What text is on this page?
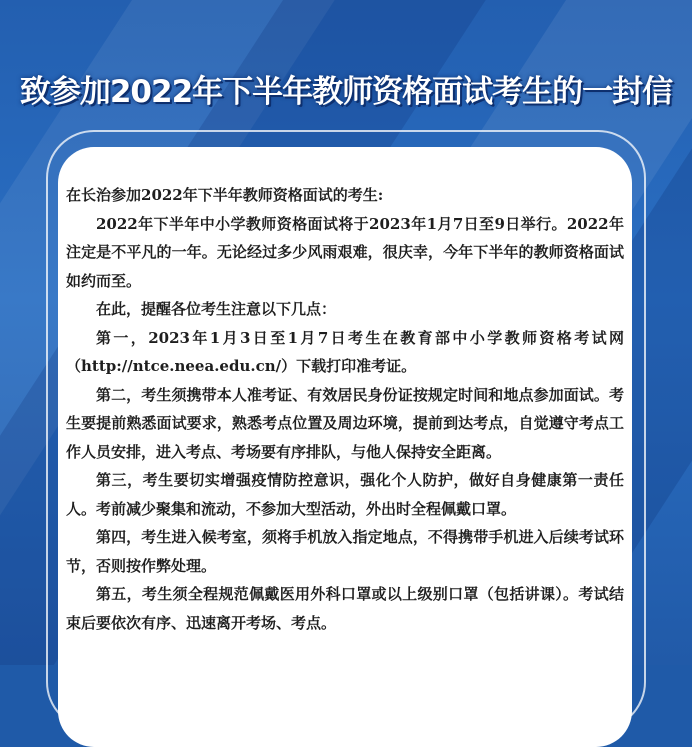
致参加2022年下半年教师资格面试考生的一封信

在长治参加2022年下半年教师资格面试的考生:

2022年下半年中小学教师资格面试将于2023年1月7日至9日举行。2022年注定是不平凡的一年。无论经过多少风雨艰难，很庆幸，今年下半年的教师资格面试如约而至。

在此，提醒各位考生注意以下几点：

第一，2023年1月3日至1月7日考生在教育部中小学教师资格考试网（http://ntce.neea.edu.cn/）下载打印准考证。

第二，考生须携带本人准考证、有效居民身份证按规定时间和地点参加面试。考生要提前熟悉面试要求，熟悉考点位置及周边环境，提前到达考点，自觉遵守考点工作人员安排，进入考点、考场要有序排队，与他人保持安全距离。

第三，考生要切实增强疫情防控意识，强化个人防护，做好自身健康第一责任人。考前减少聚集和流动，不参加大型活动，外出时全程佩戴口罩。

第四，考生进入候考室，须将手机放入指定地点，不得携带手机进入后续考试环节，否则按作弊处理。

第五，考生须全程规范佩戴医用外科口罩或以上级别口罩（包括讲课）。考试结束后要依次有序、迅速离开考场、考点。
